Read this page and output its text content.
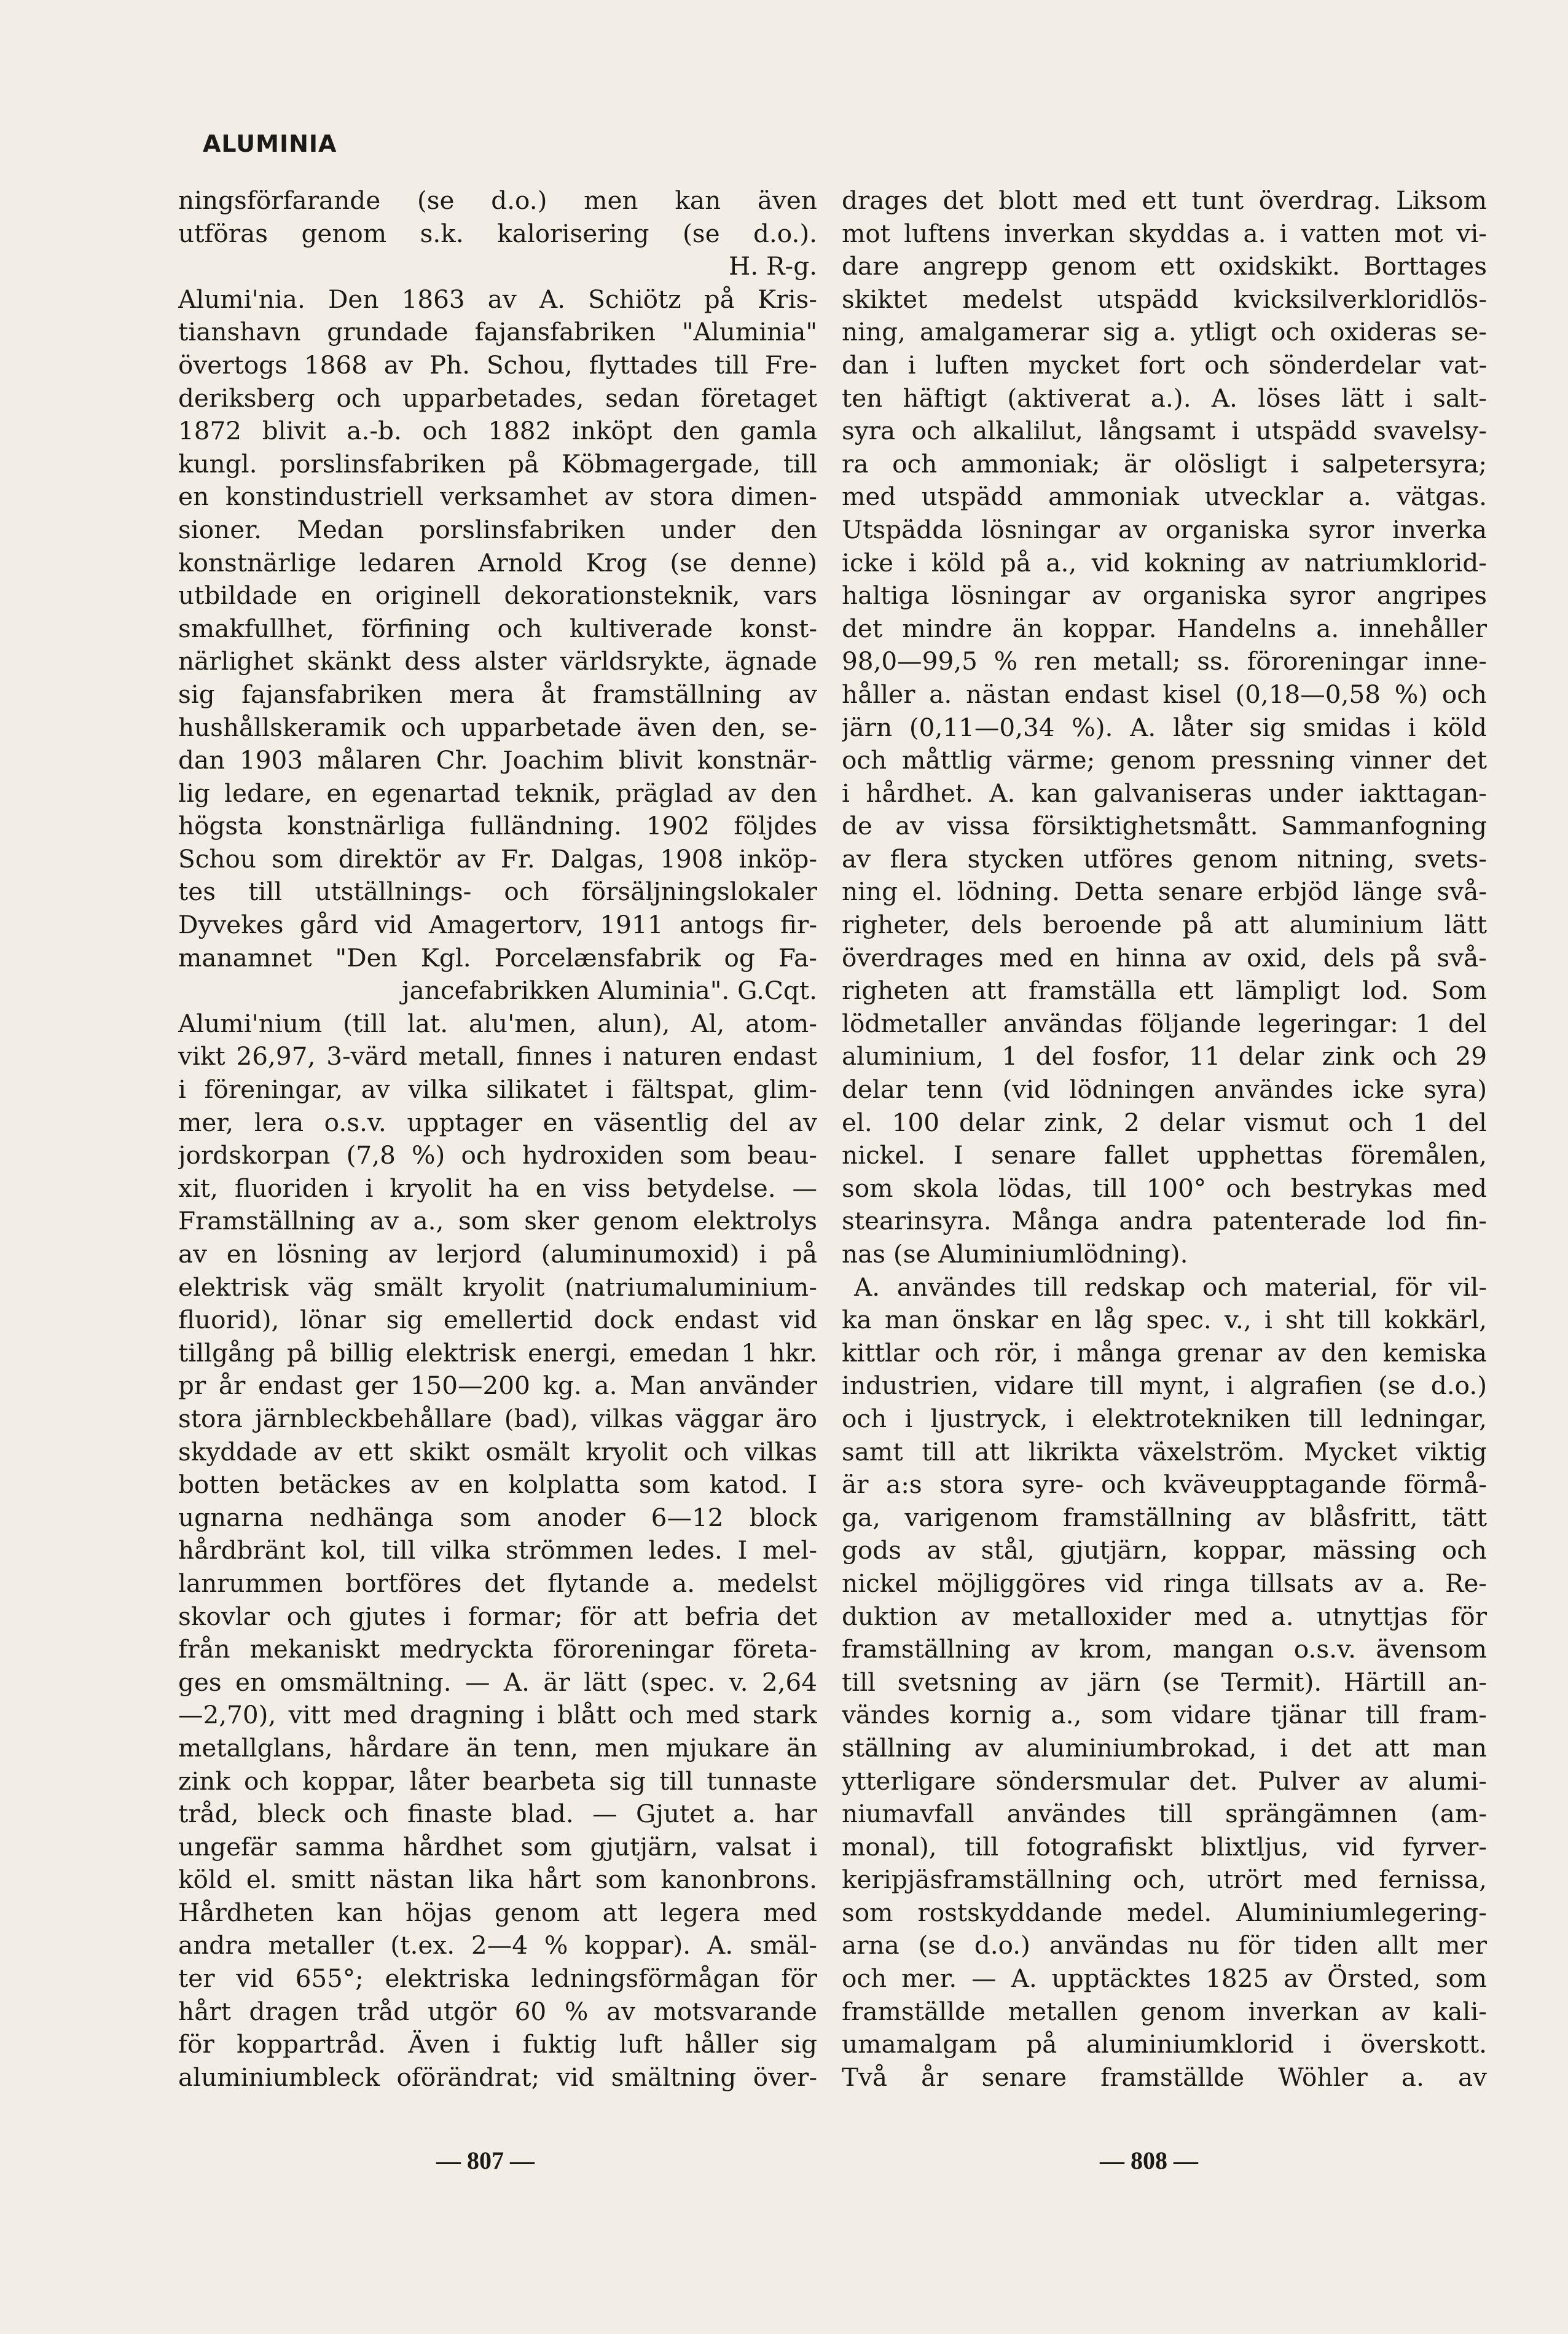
ALUMINIA
ningsförfarande (se d.o.) men kan även
utföras genom s.k. kalorisering (se d.o.).
H. R-g.
Alumi'nia. Den 1863 av A. Schiötz på Kris-
tianshavn grundade fajansfabriken "Aluminia"
övertogs 1868 av Ph. Schou, flyttades till Fre-
deriksberg och upparbetades, sedan företaget
1872 blivit a.-b. och 1882 inköpt den gamla
kungl. porslinsfabriken på Köbmagergade, till
en konstindustriell verksamhet av stora dimen-
sioner. Medan porslinsfabriken under den
konstnärlige ledaren Arnold Krog (se denne)
utbildade en originell dekorationsteknik, vars
smakfullhet, förfining och kultiverade konst-
närlighet skänkt dess alster världsrykte, ägnade
sig fajansfabriken mera åt framställning av
hushållskeramik och upparbetade även den, se-
dan 1903 målaren Chr. Joachim blivit konstnär-
lig ledare, en egenartad teknik, präglad av den
högsta konstnärliga fulländning. 1902 följdes
Schou som direktör av Fr. Dalgas, 1908 inköp-
tes till utställnings- och försäljningslokaler
Dyvekes gård vid Amagertorv, 1911 antogs fir-
manamnet "Den Kgl. Porcelænsfabrik og Fa-
jancefabrikken Aluminia". G.Cqt.
Alumi'nium (till lat. alu'men, alun), Al, atom-
vikt 26,97, 3-värd metall, finnes i naturen endast
i föreningar, av vilka silikatet i fältspat, glim-
mer, lera o.s.v. upptager en väsentlig del av
jordskorpan (7,8 %) och hydroxiden som beau-
xit, fluoriden i kryolit ha en viss betydelse. —
Framställning av a., som sker genom elektrolys
av en lösning av lerjord (aluminumoxid) i på
elektrisk väg smält kryolit (natriumaluminium-
fluorid), lönar sig emellertid dock endast vid
tillgång på billig elektrisk energi, emedan 1 hkr.
pr år endast ger 150—200 kg. a. Man använder
stora järnbleckbehållare (bad), vilkas väggar äro
skyddade av ett skikt osmält kryolit och vilkas
botten betäckes av en kolplatta som katod. I
ugnarna nedhänga som anoder 6—12 block
hårdbränt kol, till vilka strömmen ledes. I mel-
lanrummen bortföres det flytande a. medelst
skovlar och gjutes i formar; för att befria det
från mekaniskt medryckta föroreningar företa-
ges en omsmältning. — A. är lätt (spec. v. 2,64
—2,70), vitt med dragning i blått och med stark
metallglans, hårdare än tenn, men mjukare än
zink och koppar, låter bearbeta sig till tunnaste
tråd, bleck och finaste blad. — Gjutet a. har
ungefär samma hårdhet som gjutjärn, valsat i
köld el. smitt nästan lika hårt som kanonbrons.
Hårdheten kan höjas genom att legera med
andra metaller (t.ex. 2—4 % koppar). A. smäl-
ter vid 655°; elektriska ledningsförmågan för
hårt dragen tråd utgör 60 % av motsvarande
för koppartråd. Även i fuktig luft håller sig
aluminiumbleck oförändrat; vid smältning över-
drages det blott med ett tunt överdrag. Liksom
mot luftens inverkan skyddas a. i vatten mot vi-
dare angrepp genom ett oxidskikt. Borttages
skiktet medelst utspädd kvicksilverkloridlös-
ning, amalgamerar sig a. ytligt och oxideras se-
dan i luften mycket fort och sönderdelar vat-
ten häftigt (aktiverat a.). A. löses lätt i salt-
syra och alkalilut, långsamt i utspädd svavelsy-
ra och ammoniak; är olösligt i salpetersyra;
med utspädd ammoniak utvecklar a. vätgas.
Utspädda lösningar av organiska syror inverka
icke i köld på a., vid kokning av natriumklorid-
haltiga lösningar av organiska syror angripes
det mindre än koppar. Handelns a. innehåller
98,0—99,5 % ren metall; ss. föroreningar inne-
håller a. nästan endast kisel (0,18—0,58 %) och
järn (0,11—0,34 %). A. låter sig smidas i köld
och måttlig värme; genom pressning vinner det
i hårdhet. A. kan galvaniseras under iakttagan-
de av vissa försiktighetsmått. Sammanfogning
av flera stycken utföres genom nitning, svets-
ning el. lödning. Detta senare erbjöd länge svå-
righeter, dels beroende på att aluminium lätt
överdrages med en hinna av oxid, dels på svå-
righeten att framställa ett lämpligt lod. Som
lödmetaller användas följande legeringar: 1 del
aluminium, 1 del fosfor, 11 delar zink och 29
delar tenn (vid lödningen användes icke syra)
el. 100 delar zink, 2 delar vismut och 1 del
nickel. I senare fallet upphettas föremålen,
som skola lödas, till 100° och bestrykas med
stearinsyra. Många andra patenterade lod fin-
nas (se Aluminiumlödning).
A. användes till redskap och material, för vil-
ka man önskar en låg spec. v., i sht till kokkärl,
kittlar och rör, i många grenar av den kemiska
industrien, vidare till mynt, i algrafien (se d.o.)
och i ljustryck, i elektrotekniken till ledningar,
samt till att likrikta växelström. Mycket viktig
är a:s stora syre- och kväveupptagande förmå-
ga, varigenom framställning av blåsfritt, tätt
gods av stål, gjutjärn, koppar, mässing och
nickel möjliggöres vid ringa tillsats av a. Re-
duktion av metalloxider med a. utnyttjas för
framställning av krom, mangan o.s.v. ävensom
till svetsning av järn (se Termit). Härtill an-
vändes kornig a., som vidare tjänar till fram-
ställning av aluminiumbrokad, i det att man
ytterligare söndersmular det. Pulver av alumi-
niumavfall användes till sprängämnen (am-
monal), till fotografiskt blixtljus, vid fyrver-
keripjäsframställning och, utrört med fernissa,
som rostskyddande medel. Aluminiumlegering-
arna (se d.o.) användas nu för tiden allt mer
och mer. — A. upptäcktes 1825 av Örsted, som
framställde metallen genom inverkan av kali-
umamalgam på aluminiumklorid i överskott.
Två år senare framställde Wöhler a. av
— 807 —	— 808 —
